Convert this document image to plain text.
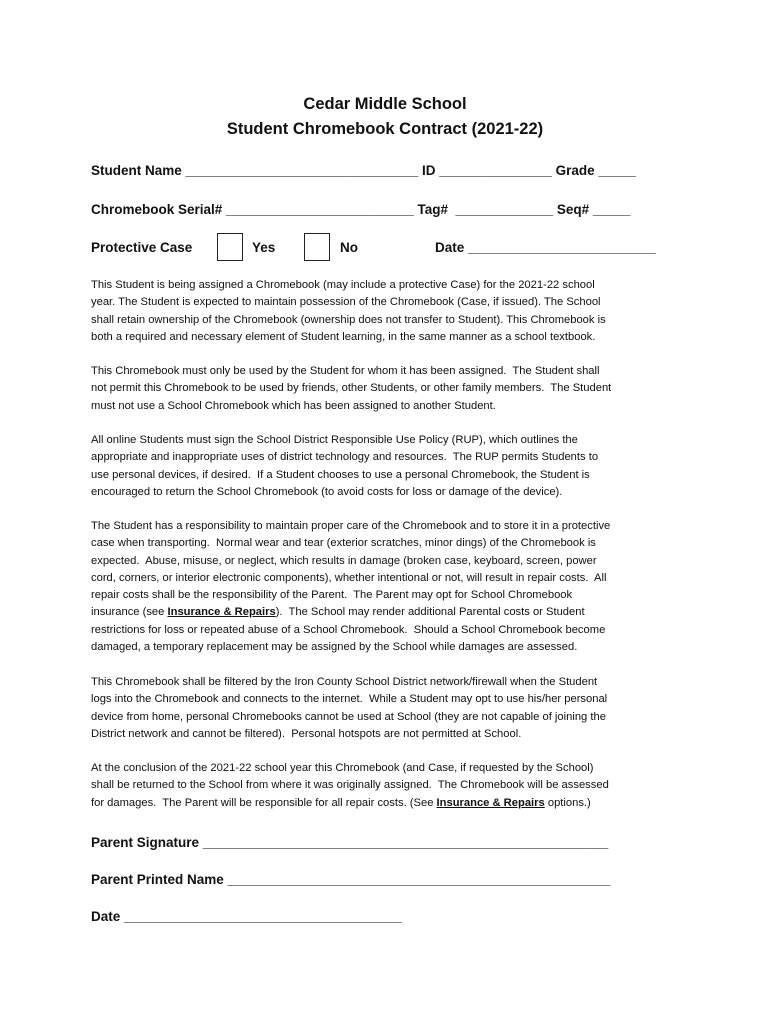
Cedar Middle School
Student Chromebook Contract (2021-22)
Student Name _______________________________ ID _______________ Grade _____
Chromebook Serial# _________________________ Tag#  _____________ Seq# _____
Protective Case	Yes	No	Date _________________________
This Student is being assigned a Chromebook (may include a protective Case) for the 2021-22 school
year. The Student is expected to maintain possession of the Chromebook (Case, if issued). The School
shall retain ownership of the Chromebook (ownership does not transfer to Student). This Chromebook is
both a required and necessary element of Student learning, in the same manner as a school textbook.
This Chromebook must only be used by the Student for whom it has been assigned.  The Student shall
not permit this Chromebook to be used by friends, other Students, or other family members.  The Student
must not use a School Chromebook which has been assigned to another Student.
All online Students must sign the School District Responsible Use Policy (RUP), which outlines the
appropriate and inappropriate uses of district technology and resources.  The RUP permits Students to
use personal devices, if desired.  If a Student chooses to use a personal Chromebook, the Student is
encouraged to return the School Chromebook (to avoid costs for loss or damage of the device).
The Student has a responsibility to maintain proper care of the Chromebook and to store it in a protective
case when transporting.  Normal wear and tear (exterior scratches, minor dings) of the Chromebook is
expected.  Abuse, misuse, or neglect, which results in damage (broken case, keyboard, screen, power
cord, corners, or interior electronic components), whether intentional or not, will result in repair costs.  All
repair costs shall be the responsibility of the Parent.  The Parent may opt for School Chromebook
insurance (see Insurance & Repairs).  The School may render additional Parental costs or Student
restrictions for loss or repeated abuse of a School Chromebook.  Should a School Chromebook become
damaged, a temporary replacement may be assigned by the School while damages are assessed.
This Chromebook shall be filtered by the Iron County School District network/firewall when the Student
logs into the Chromebook and connects to the internet.  While a Student may opt to use his/her personal
device from home, personal Chromebooks cannot be used at School (they are not capable of joining the
District network and cannot be filtered).  Personal hotspots are not permitted at School.
At the conclusion of the 2021-22 school year this Chromebook (and Case, if requested by the School)
shall be returned to the School from where it was originally assigned.  The Chromebook will be assessed
for damages.  The Parent will be responsible for all repair costs. (See Insurance & Repairs options.)
Parent Signature ______________________________________________________
Parent Printed Name ___________________________________________________
Date _____________________________________
